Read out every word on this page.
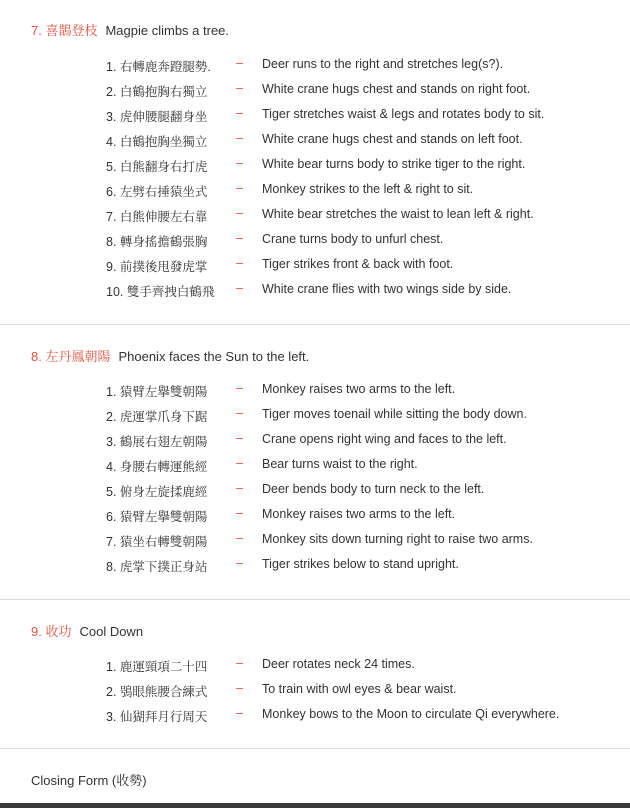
7. 喜鵲登枝 Magpie climbs a tree.
1. 右轉鹿奔蹬腿勢. – Deer runs to the right and stretches leg(s?).
2. 白鶴抱胸右獨立 – White crane hugs chest and stands on right foot.
3. 虎伸腰腿翻身坐 – Tiger stretches waist & legs and rotates body to sit.
4. 白鶴抱胸坐獨立 – White crane hugs chest and stands on left foot.
5. 白熊翻身右打虎 – White bear turns body to strike tiger to the right.
6. 左劈右捶猿坐式 – Monkey strikes to the left & right to sit.
7. 白熊伸腰左右靠 – White bear stretches the waist to lean left & right.
8. 轉身搖擔鶴張胸 – Crane turns body to unfurl chest.
9. 前撲後甩發虎掌 – Tiger strikes front & back with foot.
10. 雙手齊拽白鶴飛 – White crane flies with two wings side by side.
8. 左丹鳳朝陽 Phoenix faces the Sun to the left.
1. 猿臂左擧雙朝陽 – Monkey raises two arms to the left.
2. 虎運掌爪身下踞 – Tiger moves toenail while sitting the body down.
3. 鶴展右翅左朝陽 – Crane opens right wing and faces to the left.
4. 身腰右轉運熊經 – Bear turns waist to the right.
5. 俯身左旋揉鹿經 – Deer bends body to turn neck to the left.
6. 猿臂左擧雙朝陽 – Monkey raises two arms to the left.
7. 猿坐右轉雙朝陽 – Monkey sits down turning right to raise two arms.
8. 虎掌下撲正身站 – Tiger strikes below to stand upright.
9. 收功 Cool Down
1. 鹿運頸項二十四 – Deer rotates neck 24 times.
2. 鴞眼熊腰合練式 – To train with owl eyes & bear waist.
3. 仙猢拜月行周天 – Monkey bows to the Moon to circulate Qi everywhere.
Closing Form (收勢)
